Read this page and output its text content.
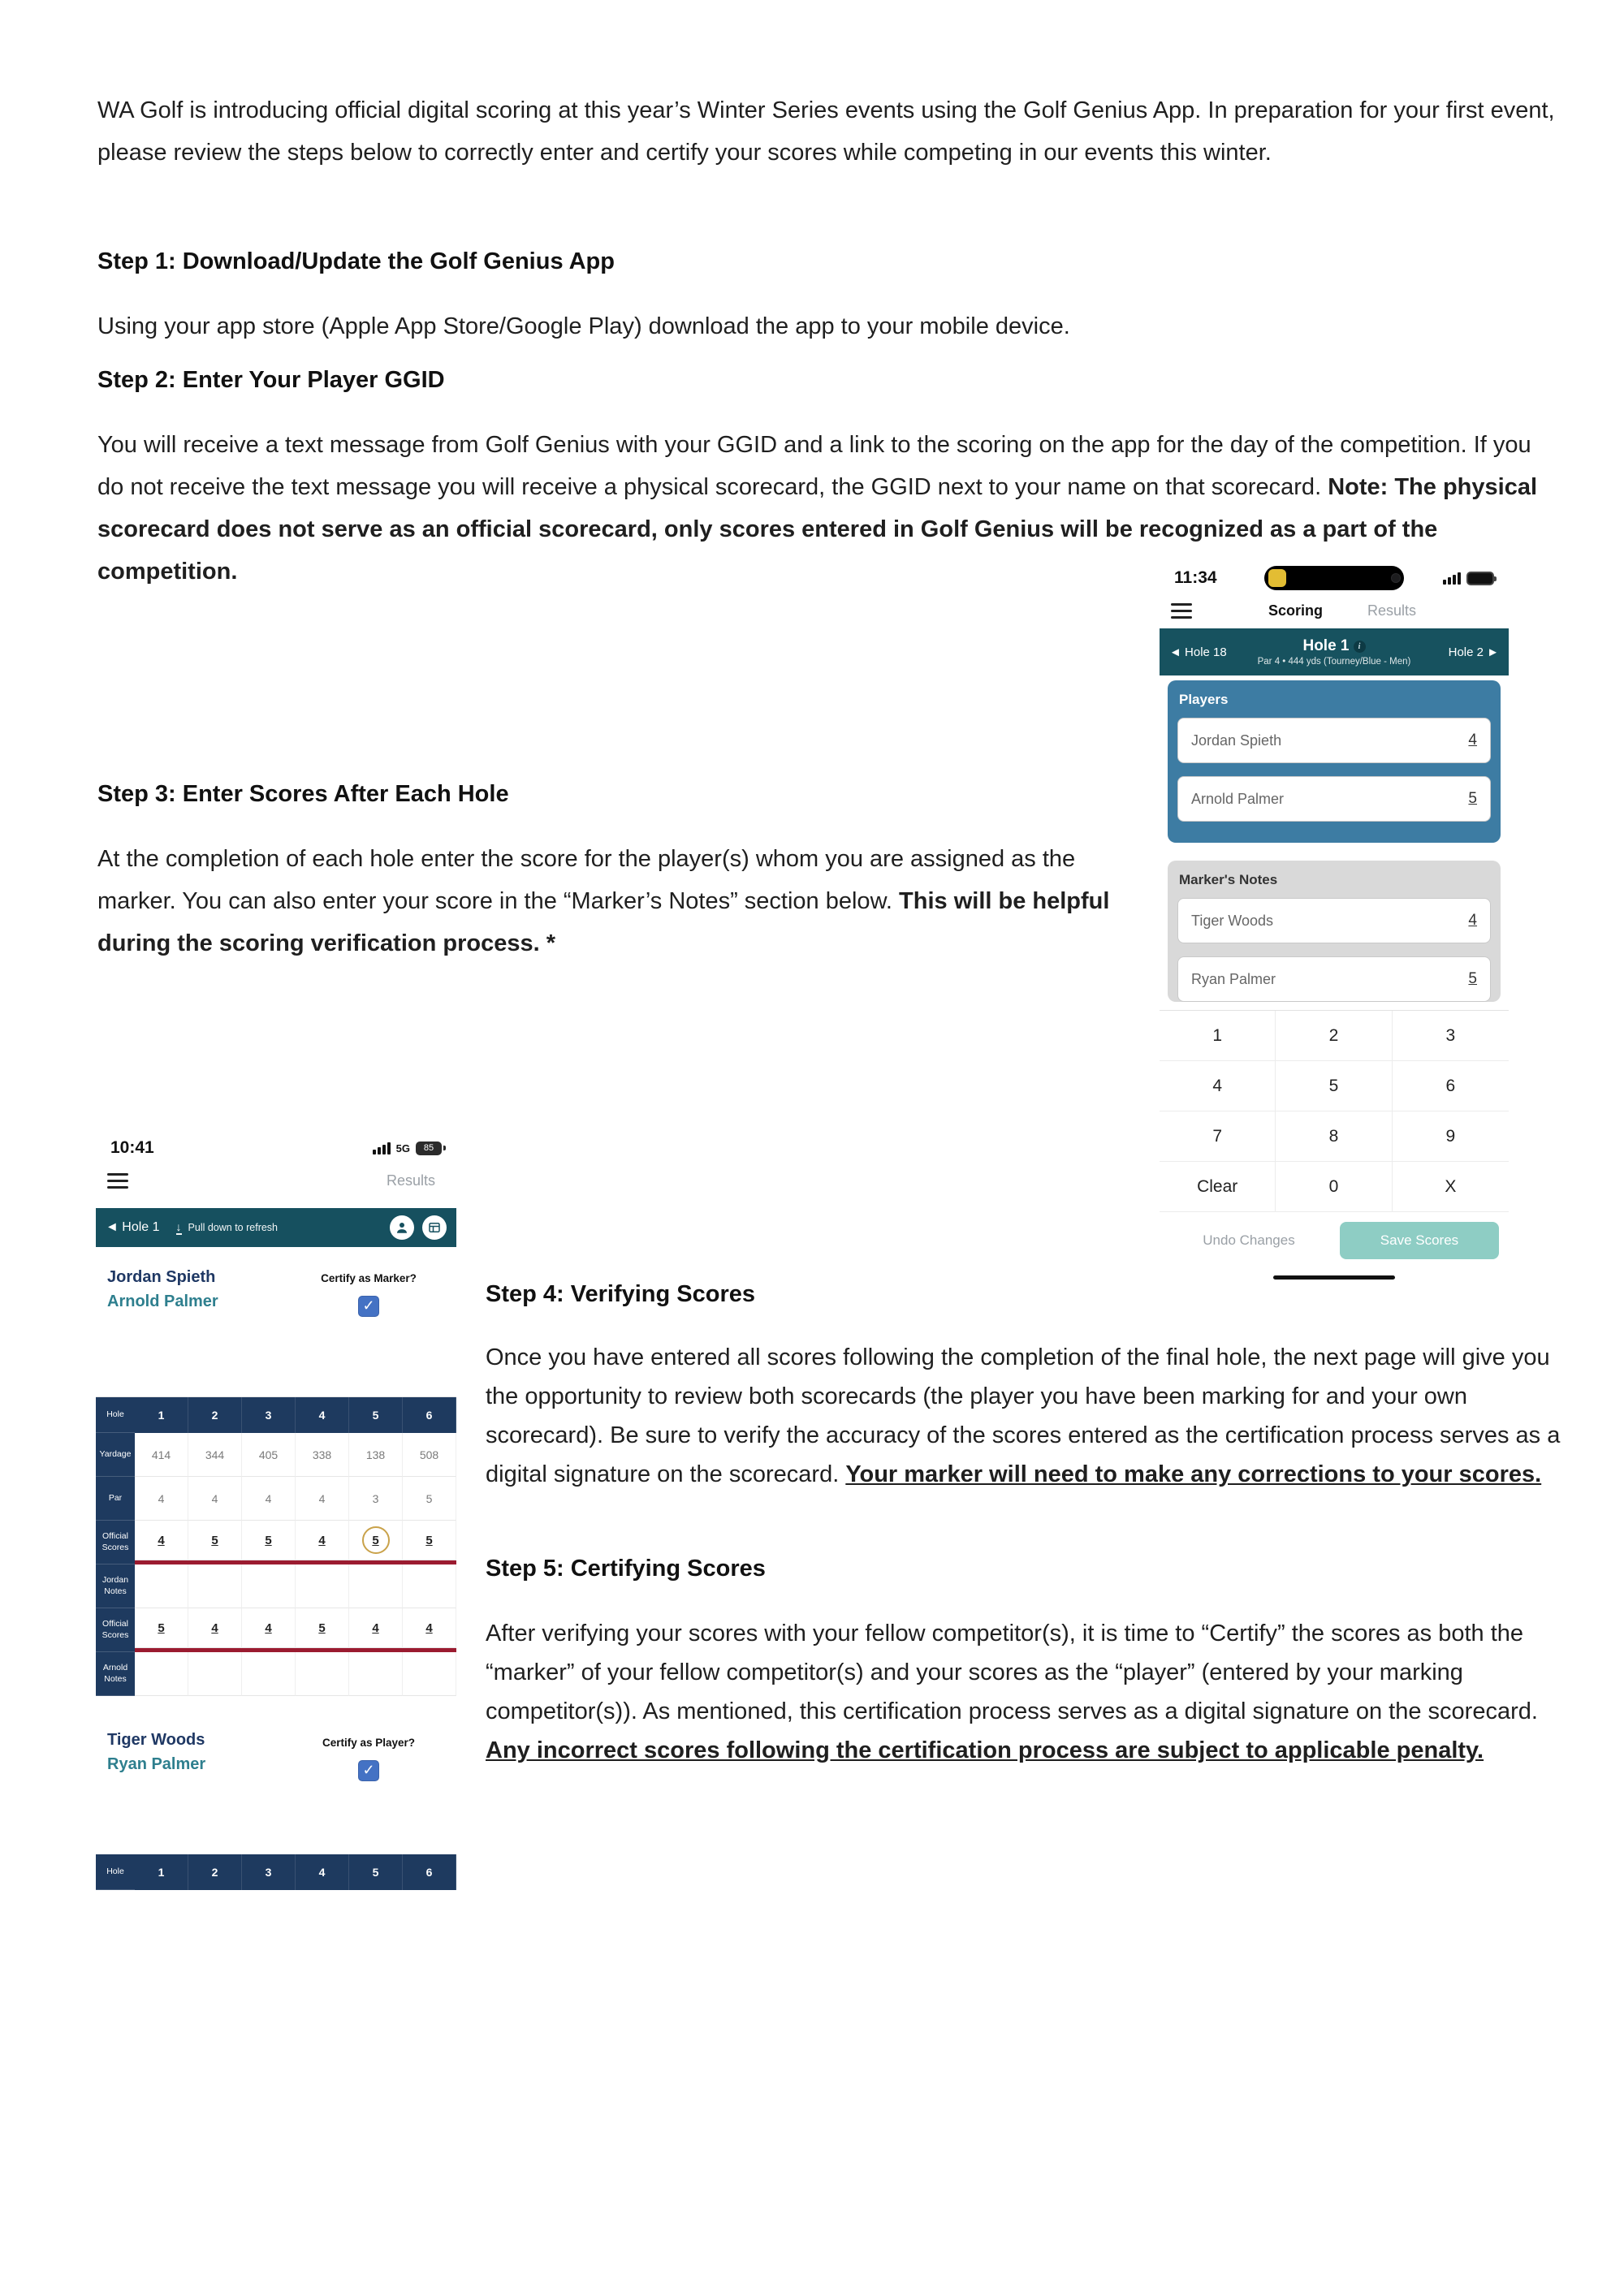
WA Golf is introducing official digital scoring at this year’s Winter Series events using the Golf Genius App. In preparation for your first event, please review the steps below to correctly enter and certify your scores while competing in our events this winter.

Step 1: Download/Update the Golf Genius App

Using your app store (Apple App Store/Google Play) download the app to your mobile device.

Step 2: Enter Your Player GGID

You will receive a text message from Golf Genius with your GGID and a link to the scoring on the app for the day of the competition. If you do not receive the text message you will receive a physical scorecard, the GGID next to your name on that scorecard. Note: The physical scorecard does not serve as an official scorecard, only scores entered in Golf Genius will be recognized as a part of the competition.

Step 3: Enter Scores After Each Hole

At the completion of each hole enter the score for the player(s) whom you are assigned as the marker. You can also enter your score in the “Marker’s Notes” section below. This will be helpful during the scoring verification process. *

Step 4: Verifying Scores

Once you have entered all scores following the completion of the final hole, the next page will give you the opportunity to review both scorecards (the player you have been marking for and your own scorecard). Be sure to verify the accuracy of the scores entered as the certification process serves as a digital signature on the scorecard. Your marker will need to make any corrections to your scores.

Step 5: Certifying Scores

After verifying your scores with your fellow competitor(s), it is time to “Certify” the scores as both the “marker” of your fellow competitor(s) and your scores as the “player” (entered by your marking competitor(s)). As mentioned, this certification process serves as a digital signature on the scorecard. Any incorrect scores following the certification process are subject to applicable penalty.

11:34
Scoring	Results
◄ Hole 18	Hole 1	i
Par 4 • 444 yds (Tourney/Blue - Men)
Hole 2 ►
Players
Jordan Spieth	4
Arnold Palmer	5
Marker's Notes
Tiger Woods	4
Ryan Palmer	5
1	2	3
4	5	6
7	8	9
Clear	0	X
Undo Changes	Save Scores
10:41	5G	85
Results
◄ Hole 1 ↓ Pull down to refresh
Jordan Spieth
Arnold Palmer
Certify as Marker?
✓
Hole	1	2	3	4	5	6
Yardage	414	344	405	338	138	508
Par	4	4	4	4	3	5
Official Scores	4	5	5	4	5	5
Jordan Notes
Official Scores	5	4	4	5	4	4
Arnold Notes
Tiger Woods
Ryan Palmer
Certify as Player?
✓
Hole	1	2	3	4	5	6
